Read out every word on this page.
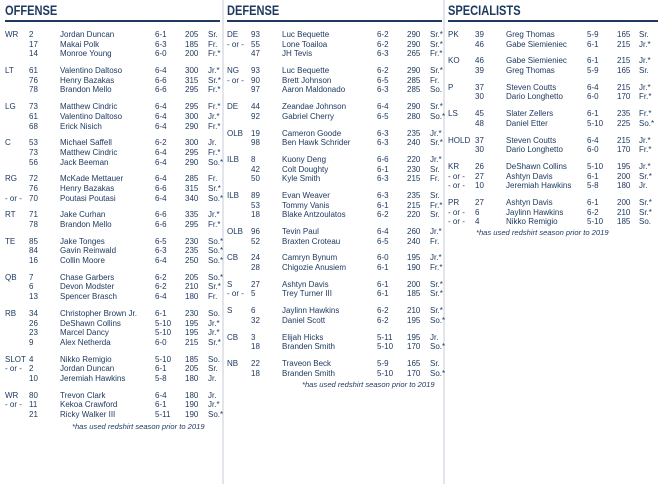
OFFENSE
WR 2	Jordan Duncan	6-1 205 Sr.
17	Makai Polk	6-3 185 Fr.
14	Monroe Young	6-0 200 Fr.*
LT 61	Valentino Daltoso	6-4 300 Jr.*
76	Henry Bazakas	6-6 315 Sr.*
78	Brandon Mello	6-6 295 Fr.*
LG 73	Matthew Cindric	6-4 295 Fr.*
61	Valentino Daltoso	6-4 300 Jr.*
68	Erick Nisich	6-4 290 Fr.*
C 53	Michael Saffell	6-2 300 Jr.
73	Matthew Cindric	6-4 295 Fr.*
56	Jack Beeman	6-4 290 So.*
RG 72	McKade Mettauer	6-4 285 Fr.
76	Henry Bazakas	6-6 315 Sr.*
- or - 70	Poutasi Poutasi	6-4 340 So.*
RT 71	Jake Curhan	6-6 335 Jr.*
78	Brandon Mello	6-6 295 Fr.*
TE 85	Jake Tonges	6-5 230 So.*
84	Gavin Reinwald	6-3 235 So.*
16	Collin Moore	6-4 250 So.*
QB 7	Chase Garbers	6-2 205 So.*
6	Devon Modster	6-2 210 Sr.*
13	Spencer Brasch	6-4 180 Fr.
RB 34	Christopher Brown Jr. 6-1 230 So.
26	DeShawn Collins	5-10 195 Jr.*
23	Marcel Dancy	5-10 195 Jr.*
9	Alex Netherda	6-0 215 Sr.*
SLOT 4	Nikko Remigio	5-10 185 So.
- or - 2	Jordan Duncan	6-1 205 Sr.
10	Jeremiah Hawkins	5-8 180 Jr.
WR 80	Trevon Clark	6-4 180 Jr.
- or - 11	Kekoa Crawford	6-1 190 Jr.*
21	Ricky Walker III	5-11 190 So.*
*has used redshirt season prior to 2019
DEFENSE
DE 93	Luc Bequette	6-2 290 Sr.*
- or - 55	Lone Toailoa	6-2 290 Sr.*
47	JH Tevis	6-3 265 Fr.*
NG 93	Luc Bequette	6-2 290 Sr.*
- or - 90	Brett Johnson	6-5 285 Fr.
97	Aaron Maldonado	6-3 285 So.
DE 44	Zeandae Johnson	6-4 290 Sr.*
92	Gabriel Cherry	6-5 280 So.*
OLB 19	Cameron Goode	6-3 235 Jr.*
98	Ben Hawk Schrider	6-3 240 Sr.*
ILB 8	Kuony Deng	6-6 220 Jr.*
42	Colt Doughty	6-1 230 Sr.
50	Kyle Smith	6-3 215 Fr.
ILB 89	Evan Weaver	6-3 235 Sr.
53	Tommy Vanis	6-1 215 Fr.*
18	Blake Antzoulatos	6-2 220 Sr.
OLB 96	Tevin Paul	6-4 260 Jr.*
52	Braxten Croteau	6-5 240 Fr.
CB 24	Camryn Bynum	6-0 195 Jr.*
28	Chigozie Anusiem	6-1 190 Fr.*
S 27	Ashtyn Davis	6-1 200 Sr.*
- or - 5	Trey Turner III	6-1 185 Sr.*
S 6	Jaylinn Hawkins	6-2 210 Sr.*
32	Daniel Scott	6-2 195 So.*
CB 3	Elijah Hicks	5-11 195 Jr.
18	Branden Smith	5-10 170 So.*
NB 22	Traveon Beck	5-9 165 Sr.
18	Branden Smith	5-10 170 So.*
*has used redshirt season prior to 2019
SPECIALISTS
PK 39	Greg Thomas	5-9 165 Sr.
46	Gabe Siemieniec	6-1 215 Jr.*
KO 46	Gabe Siemieniec	6-1 215 Jr.*
39	Greg Thomas	5-9 165 Sr.
P	37	Steven Coutts	6-4 215 Jr.*
30	Dario Longhetto	6-0 170 Fr.*
LS 45	Slater Zellers	6-1 235 Fr.*
48	Daniel Etter	5-10 225 So.*
HOLD 37	Steven Coutts	6-4 215 Jr.*
30	Dario Longhetto	6-0 170 Fr.*
KR 26	DeShawn Collins	5-10 195 Jr.*
- or - 27	Ashtyn Davis	6-1 200 Sr.*
- or - 10	Jeremiah Hawkins 5-8 180 Jr.
PR 27	Ashtyn Davis	6-1 200 Sr.*
- or - 6	Jaylinn Hawkins	6-2 210 Sr.*
- or - 4	Nikko Remigio	5-10 185 So.
*has used redshirt season prior to 2019
